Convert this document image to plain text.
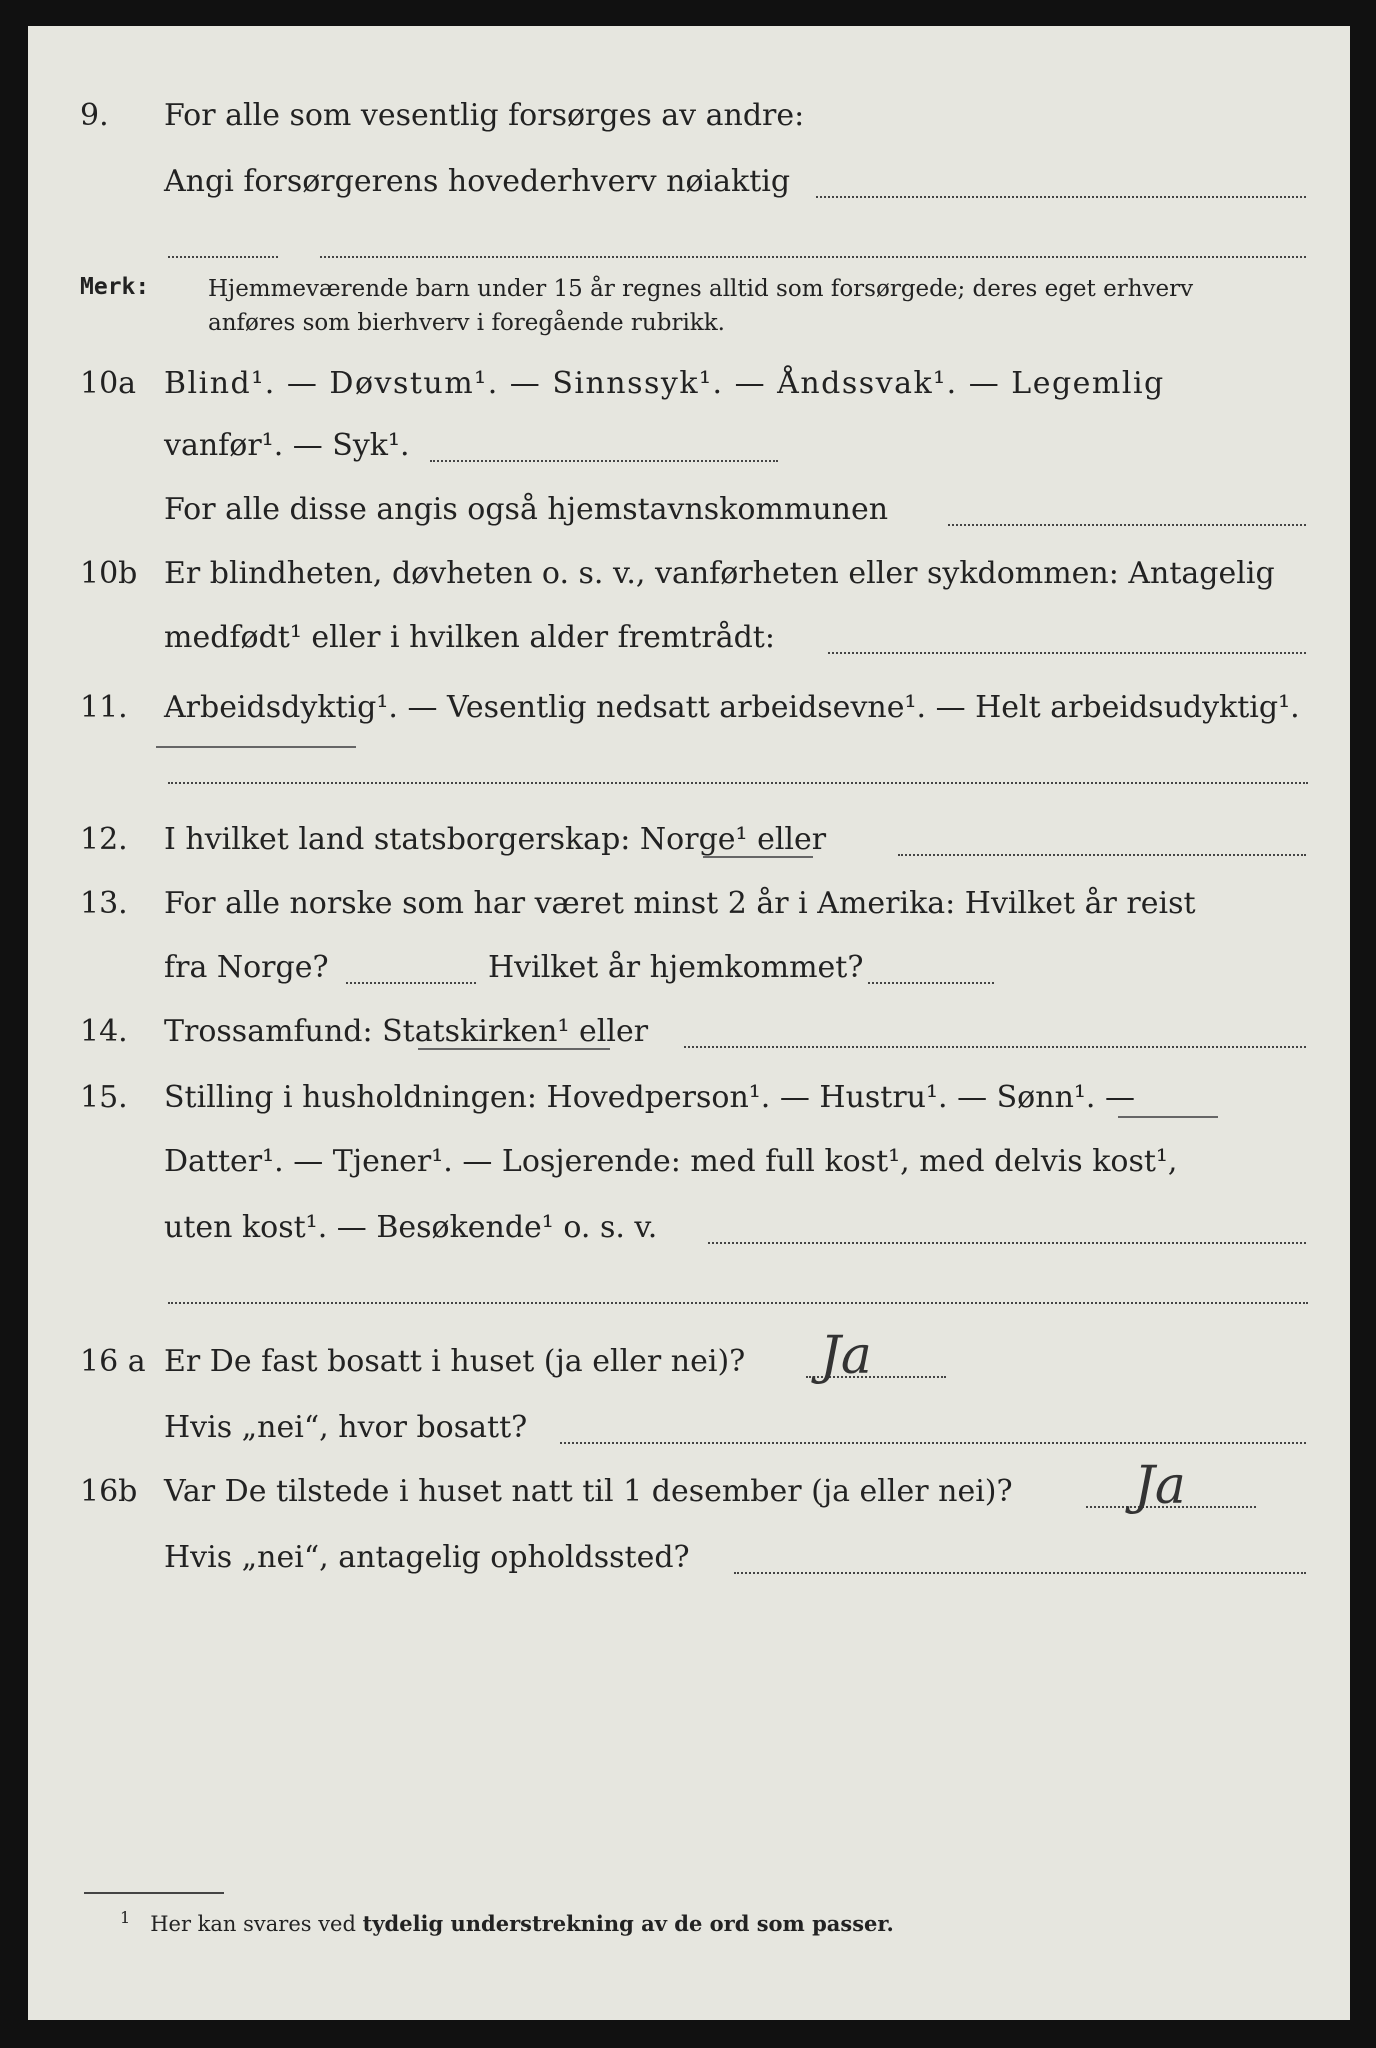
9. For alle som vesentlig forsørges av andre:
Angi forsørgerens hovederhverv nøiaktig
Merk:	Hjemmeværende barn under 15 år regnes alltid som forsørgede; deres eget erhverv
anføres som bierhverv i foregående rubrikk.
10a Blind¹. — Døvstum¹. — Sinnssyk¹. — Åndssvak¹. — Legemlig
vanfør¹. — Syk¹.
For alle disse angis også hjemstavnskommunen
10b Er blindheten, døvheten o. s. v., vanførheten eller sykdommen: Antagelig
medfødt¹ eller i hvilken alder fremtrådt:
11. Arbeidsdyktig¹. — Vesentlig nedsatt arbeidsevne¹. — Helt arbeidsudyktig¹.
12. I hvilket land statsborgerskap: Norge¹ eller
13. For alle norske som har været minst 2 år i Amerika: Hvilket år reist
fra Norge?	Hvilket år hjemkommet?
14. Trossamfund: Statskirken¹ eller
15. Stilling i husholdningen: Hovedperson¹. — Hustru¹. — Sønn¹. —
Datter¹. — Tjener¹. — Losjerende: med full kost¹, med delvis kost¹,
uten kost¹. — Besøkende¹ o. s. v.
16 a Er De fast bosatt i huset (ja eller nei)? Ja
Hvis „nei“, hvor bosatt?
16b Var De tilstede i huset natt til 1 desember (ja eller nei)? Ja
Hvis „nei“, antagelig opholdssted?
$^1$ Her kan svares ved tydelig understrekning av de ord som passer.
